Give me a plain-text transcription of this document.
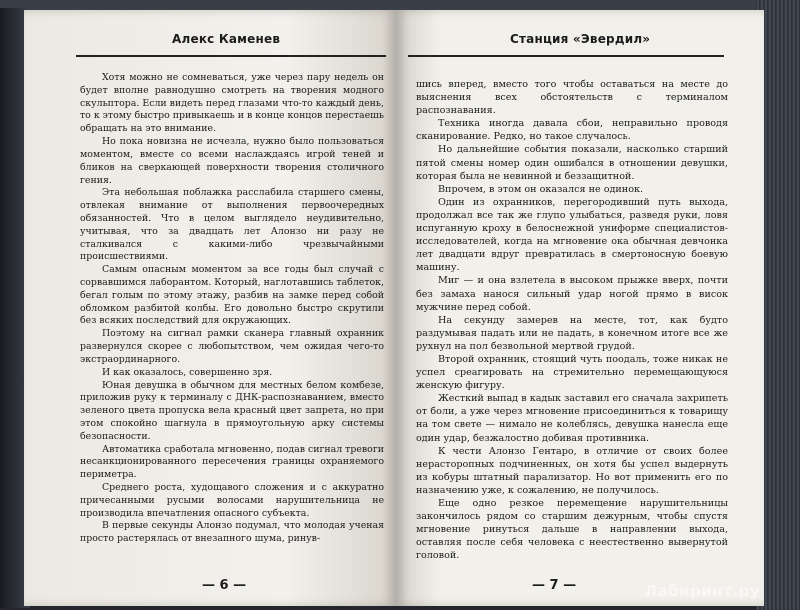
Алекс Каменев

Хотя можно не сомневаться, уже через пару недель он будет вполне равнодушно смотреть на творения модного скульптора. Если видеть перед глазами что-то каждый день, то к этому быстро привыкаешь и в конце концов перестаешь обращать на это внимание.

Но пока новизна не исчезла, нужно было пользоваться моментом, вместе со всеми наслаждаясь игрой теней и бликов на сверкающей поверхности творения столичного гения.

Эта небольшая поблажка расслабила старшего смены, отвлекая внимание от выполнения первоочередных обязанностей. Что в целом выглядело неудивительно, учитывая, что за двадцать лет Алонзо ни разу не сталкивался с какими-либо чрезвычайными происшествиями.

Самым опасным моментом за все годы был случай с сорвавшимся лаборантом. Который, наглотавшись таблеток, бегал голым по этому этажу, разбив на замке перед собой обломком разбитой колбы. Его довольно быстро скрутили без всяких последствий для окружающих.

Поэтому на сигнал рамки сканера главный охранник развернулся скорее с любопытством, чем ожидая чего-то экстраординарного.

И как оказалось, совершенно зря.

Юная девушка в обычном для местных белом комбезе, приложив руку к терминалу с ДНК-распознаванием, вместо зеленого цвета пропуска вела красный цвет запрета, но при этом спокойно шагнула в прямоугольную арку системы безопасности.

Автоматика сработала мгновенно, подав сигнал тревоги несанкционированного пересечения границы охраняемого периметра.

Среднего роста, худощавого сложения и с аккуратно причесанными русыми волосами нарушительница не производила впечатления опасного субъекта.

В первые секунды Алонзо подумал, что молодая ученая просто растерялась от внезапного шума, ринув-

— 6 —
Станция «Эвердил»

шись вперед, вместо того чтобы оставаться на месте до выяснения всех обстоятельств с терминалом распознавания.

Техника иногда давала сбои, неправильно проводя сканирование. Редко, но такое случалось.

Но дальнейшие события показали, насколько старший пятой смены номер один ошибался в отношении девушки, которая была не невинной и беззащитной.

Впрочем, в этом он оказался не одинок.

Один из охранников, перегородивший путь выхода, продолжал все так же глупо улыбаться, разведя руки, ловя испуганную кроху в белоснежной униформе специалистов-исследователей, когда на мгновение ока обычная девчонка лет двадцати вдруг превратилась в смертоносную боевую машину.

Миг — и она взлетела в высоком прыжке вверх, почти без замаха нанося сильный удар ногой прямо в висок мужчине перед собой.

На секунду замерев на месте, тот, как будто раздумывая падать или не падать, в конечном итоге все же рухнул на пол безвольной мертвой грудой.

Второй охранник, стоящий чуть поодаль, тоже никак не успел среагировать на стремительно перемещающуюся женскую фигуру.

Жесткий выпад в кадык заставил его сначала захрипеть от боли, а уже через мгновение присоединиться к товарищу на том свете — нимало не колеблясь, девушка нанесла еще один удар, безжалостно добивая противника.

К чести Алонзо Гентаро, в отличие от своих более нерасторопных подчиненных, он хотя бы успел выдернуть из кобуры штатный парализатор. Но вот применить его по назначению уже, к сожалению, не получилось.

Еще одно резкое перемещение нарушительницы закончилось рядом со старшим дежурным, чтобы спустя мгновение ринуться дальше в направлении выхода, оставляя после себя человека с неестественно вывернутой головой.

— 7 —	Лабиринт.ру
